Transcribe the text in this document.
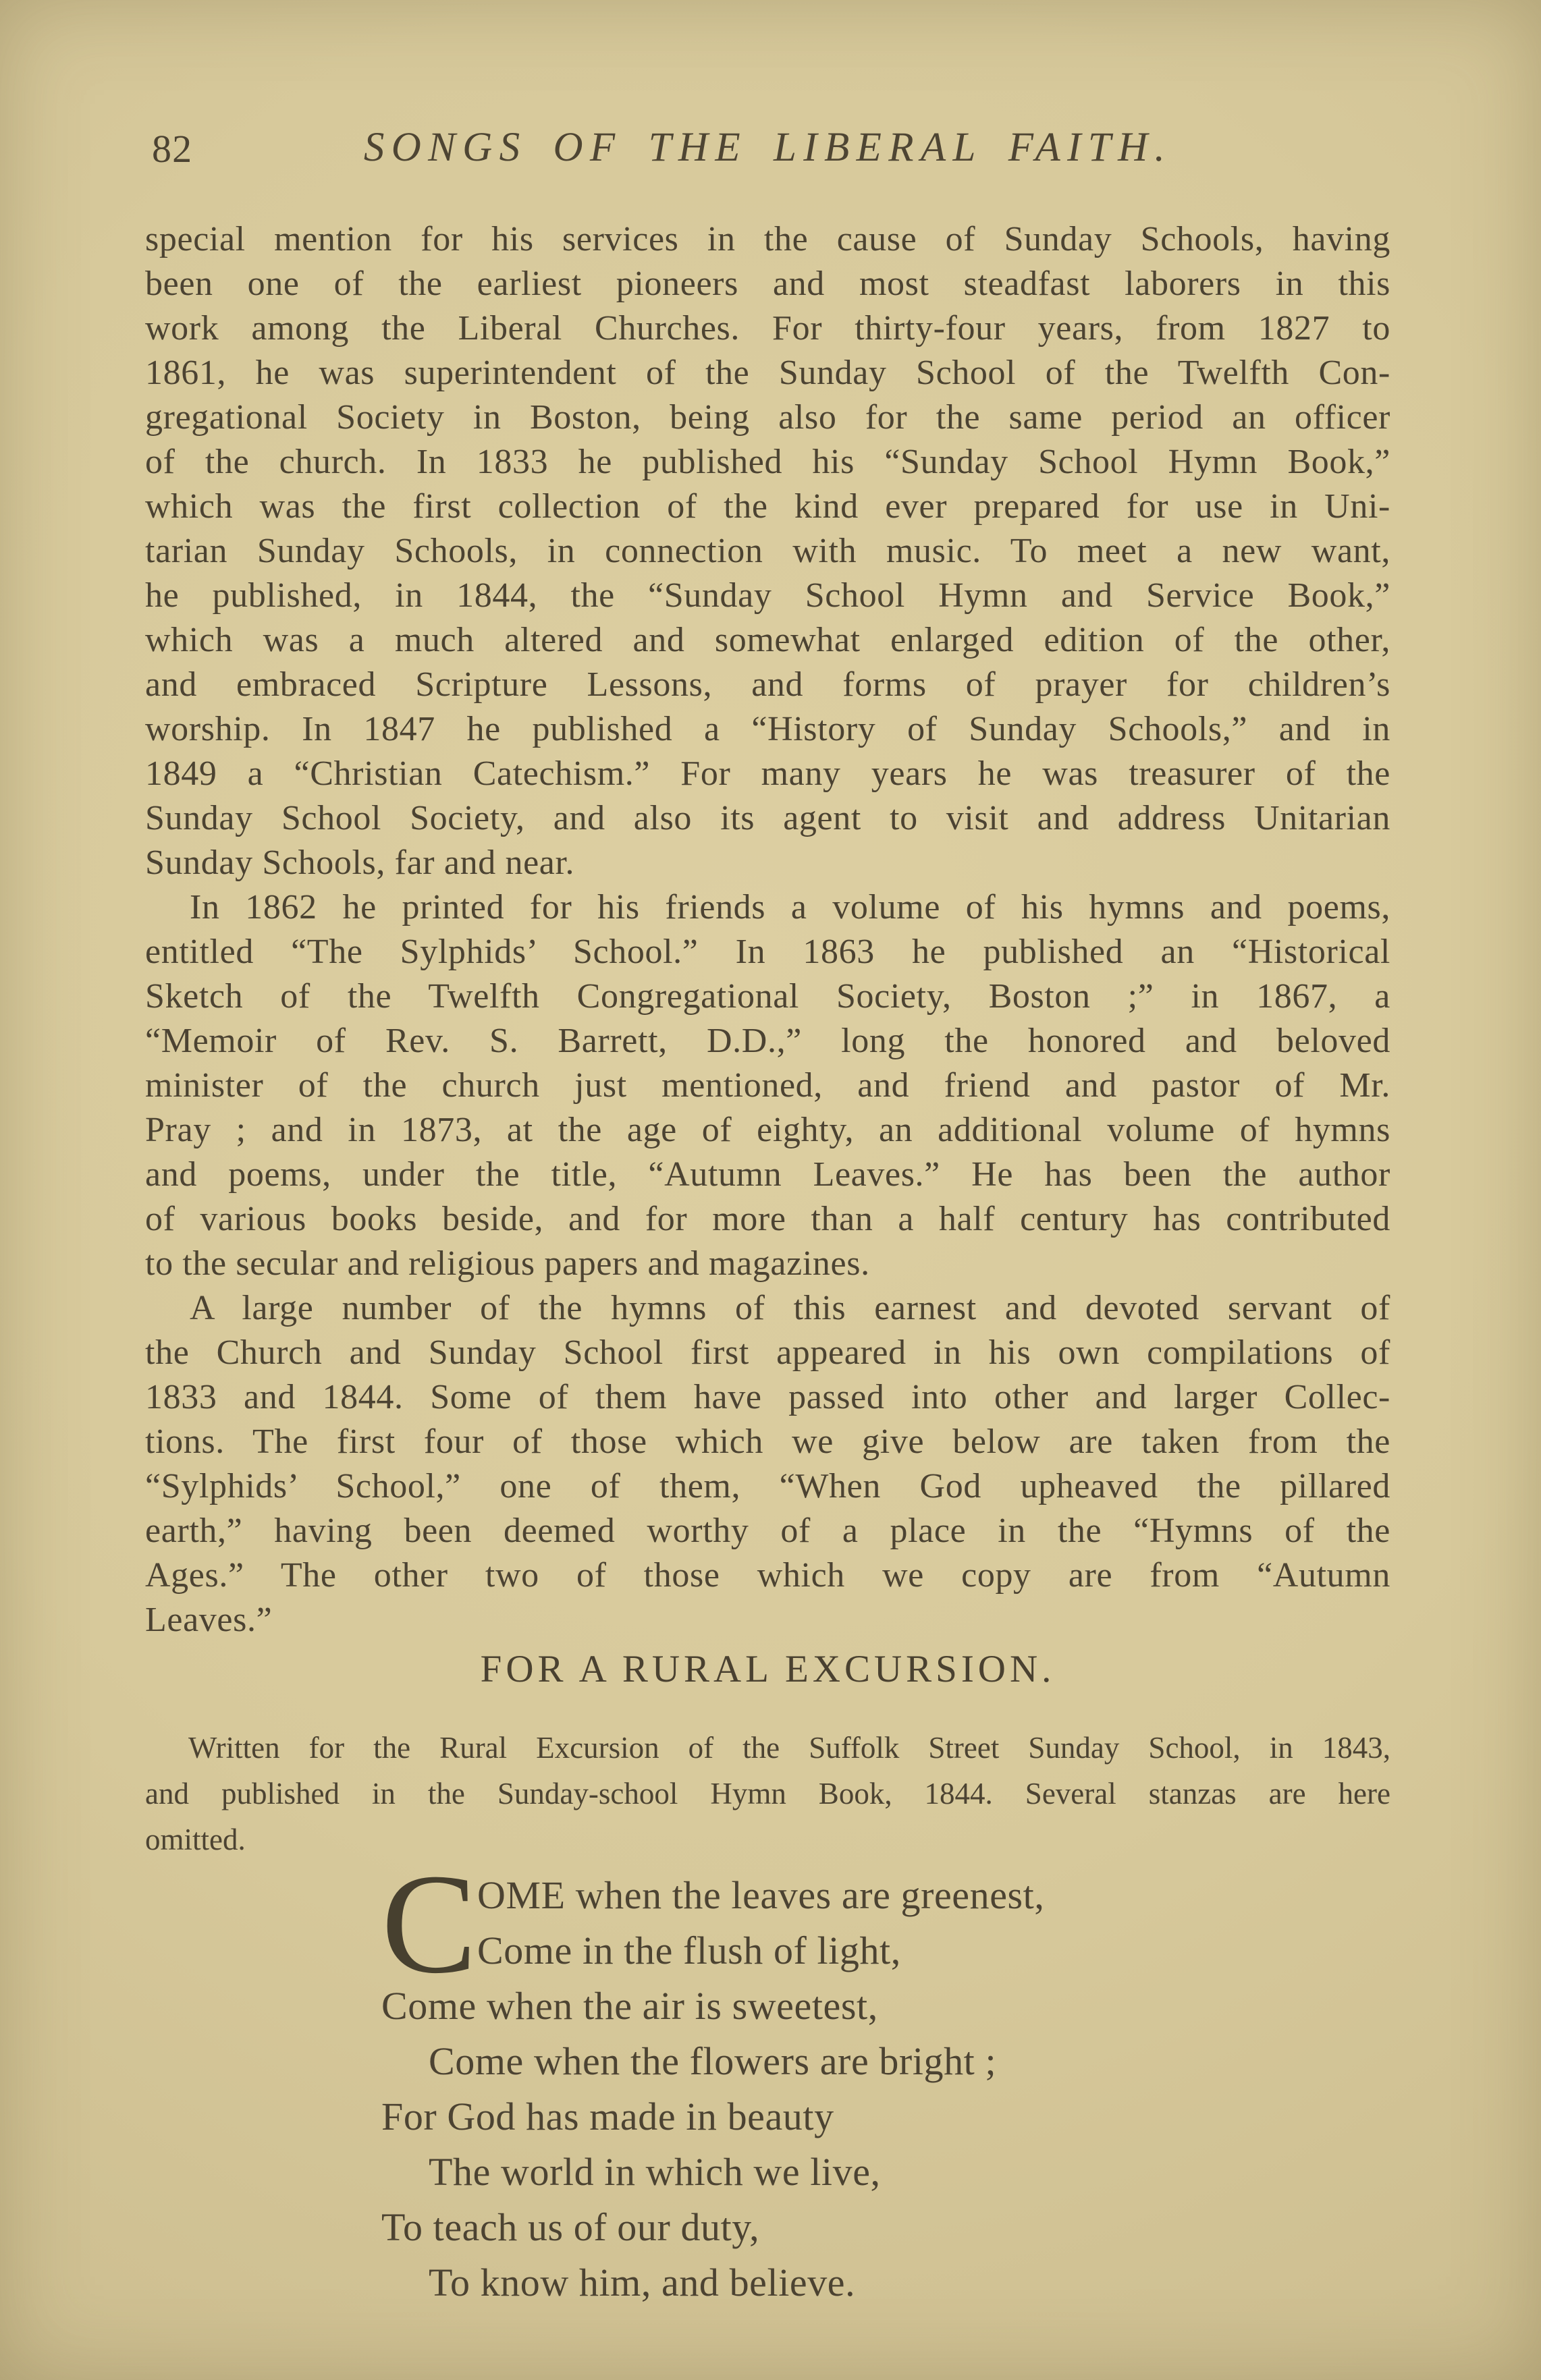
82	SONGS OF THE LIBERAL FAITH.
special mention for his services in the cause of Sunday Schools, having
been one of the earliest pioneers and most steadfast laborers in this
work among the Liberal Churches. For thirty-four years, from 1827 to
1861, he was superintendent of the Sunday School of the Twelfth Con-
gregational Society in Boston, being also for the same period an officer
of the church. In 1833 he published his “Sunday School Hymn Book,”
which was the first collection of the kind ever prepared for use in Uni-
tarian Sunday Schools, in connection with music. To meet a new want,
he published, in 1844, the “Sunday School Hymn and Service Book,”
which was a much altered and somewhat enlarged edition of the other,
and embraced Scripture Lessons, and forms of prayer for children’s
worship. In 1847 he published a “History of Sunday Schools,” and in
1849 a “Christian Catechism.” For many years he was treasurer of the
Sunday School Society, and also its agent to visit and address Unitarian
Sunday Schools, far and near.
In 1862 he printed for his friends a volume of his hymns and poems,
entitled “The Sylphids’ School.” In 1863 he published an “Historical
Sketch of the Twelfth Congregational Society, Boston ;” in 1867, a
“Memoir of Rev. S. Barrett, D.D.,” long the honored and beloved
minister of the church just mentioned, and friend and pastor of Mr.
Pray ; and in 1873, at the age of eighty, an additional volume of hymns
and poems, under the title, “Autumn Leaves.” He has been the author
of various books beside, and for more than a half century has contributed
to the secular and religious papers and magazines.
A large number of the hymns of this earnest and devoted servant of
the Church and Sunday School first appeared in his own compilations of
1833 and 1844. Some of them have passed into other and larger Collec-
tions. The first four of those which we give below are taken from the
“Sylphids’ School,” one of them, “When God upheaved the pillared
earth,” having been deemed worthy of a place in the “Hymns of the
Ages.” The other two of those which we copy are from “Autumn
Leaves.”
FOR A RURAL EXCURSION.
Written for the Rural Excursion of the Suffolk Street Sunday School, in 1843,
and published in the Sunday-school Hymn Book, 1844. Several stanzas are here
omitted.
C OME when the leaves are greenest,
Come in the flush of light,
Come when the air is sweetest,
Come when the flowers are bright ;
For God has made in beauty
The world in which we live,
To teach us of our duty,
To know him, and believe.
